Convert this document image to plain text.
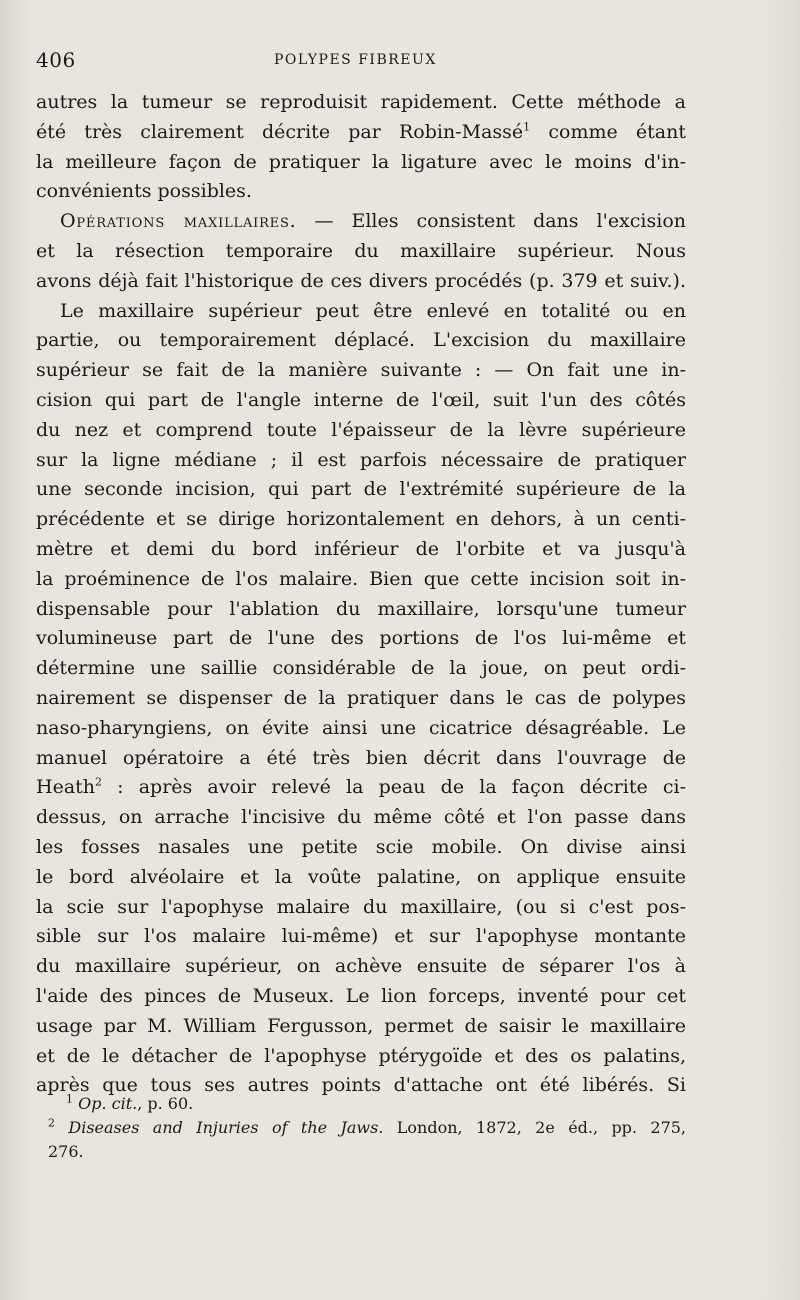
406	POLYPES FIBREUX
autres la tumeur se reproduisit rapidement. Cette méthode a
été très clairement décrite par Robin-Massé$^1$ comme étant
la meilleure façon de pratiquer la ligature avec le moins d'in-
convénients possibles.
Opérations maxillaires. — Elles consistent dans l'excision
et la résection temporaire du maxillaire supérieur. Nous
avons déjà fait l'historique de ces divers procédés (p. 379 et suiv.).
Le maxillaire supérieur peut être enlevé en totalité ou en
partie, ou temporairement déplacé. L'excision du maxillaire
supérieur se fait de la manière suivante : — On fait une in-
cision qui part de l'angle interne de l'œil, suit l'un des côtés
du nez et comprend toute l'épaisseur de la lèvre supérieure
sur la ligne médiane ; il est parfois nécessaire de pratiquer
une seconde incision, qui part de l'extrémité supérieure de la
précédente et se dirige horizontalement en dehors, à un centi-
mètre et demi du bord inférieur de l'orbite et va jusqu'à
la proéminence de l'os malaire. Bien que cette incision soit in-
dispensable pour l'ablation du maxillaire, lorsqu'une tumeur
volumineuse part de l'une des portions de l'os lui-même et
détermine une saillie considérable de la joue, on peut ordi-
nairement se dispenser de la pratiquer dans le cas de polypes
naso-pharyngiens, on évite ainsi une cicatrice désagréable. Le
manuel opératoire a été très bien décrit dans l'ouvrage de
Heath$^2$ : après avoir relevé la peau de la façon décrite ci-
dessus, on arrache l'incisive du même côté et l'on passe dans
les fosses nasales une petite scie mobile. On divise ainsi
le bord alvéolaire et la voûte palatine, on applique ensuite
la scie sur l'apophyse malaire du maxillaire, (ou si c'est pos-
sible sur l'os malaire lui-même) et sur l'apophyse montante
du maxillaire supérieur, on achève ensuite de séparer l'os à
l'aide des pinces de Museux. Le lion forceps, inventé pour cet
usage par M. William Fergusson, permet de saisir le maxillaire
et de le détacher de l'apophyse ptérygoïde et des os palatins,
après que tous ses autres points d'attache ont été libérés. Si
$^1$ Op. cit., p. 60.
$^2$ Diseases and Injuries of the Jaws. London, 1872, 2e éd., pp. 275,
276.
